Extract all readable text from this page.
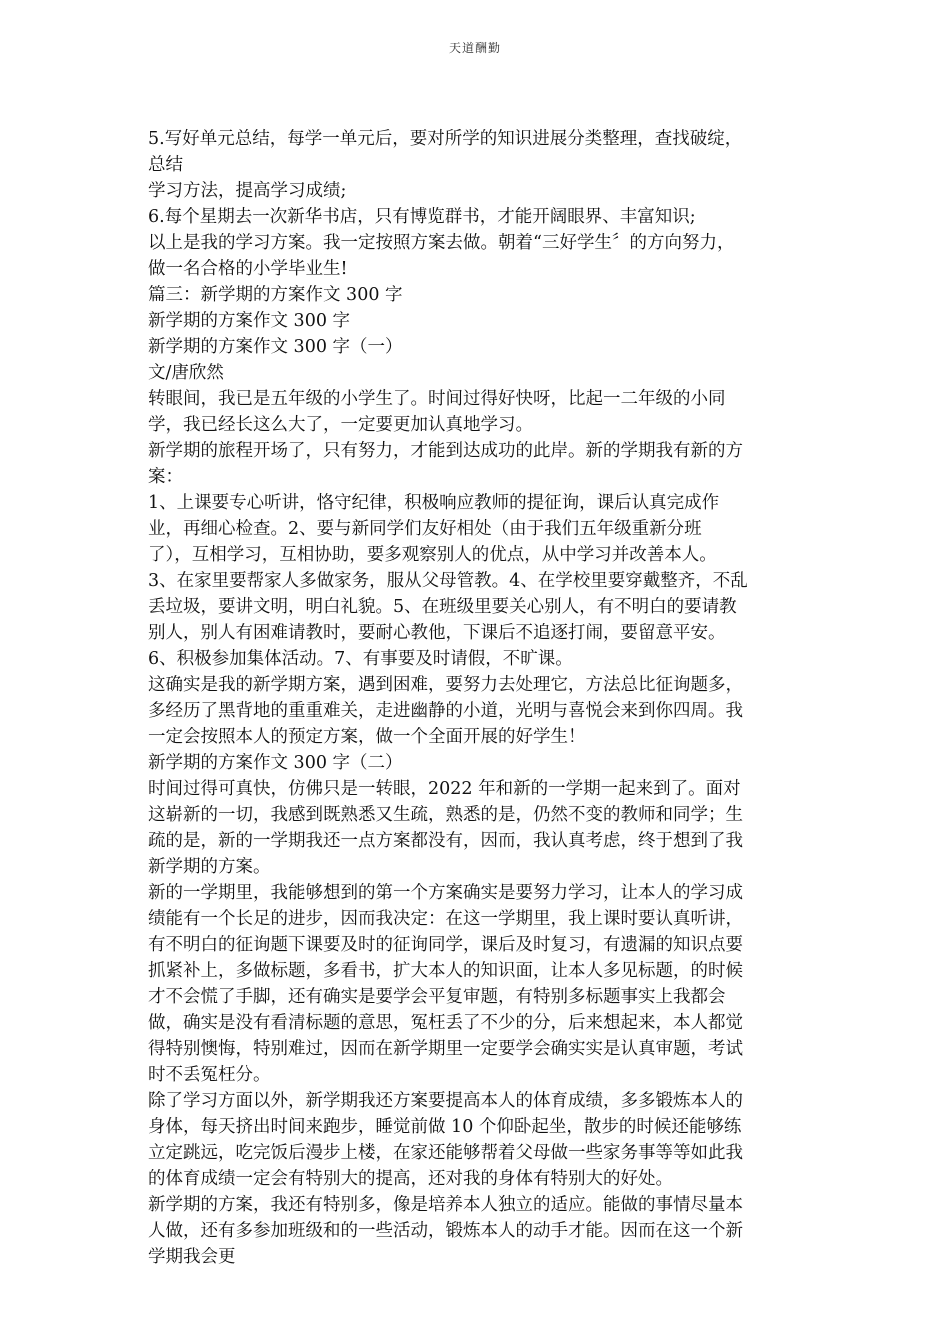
天道酬勤
5.写好单元总结，每学一单元后，要对所学的知识进展分类整理，查找破绽，
总结
学习方法，提高学习成绩;
6.每个星期去一次新华书店，只有博览群书，才能开阔眼界、丰富知识;
以上是我的学习方案。我一定按照方案去做。朝着“三好学生〞的方向努力，
做一名合格的小学毕业生!
篇三：新学期的方案作文 300 字
新学期的方案作文 300 字
新学期的方案作文 300 字（一）
文/唐欣然
转眼间，我已是五年级的小学生了。时间过得好快呀，比起一二年级的小同
学，我已经长这么大了，一定要更加认真地学习。
新学期的旅程开场了，只有努力，才能到达成功的此岸。新的学期我有新的方
案：
1、上课要专心听讲，恪守纪律，积极响应教师的提征询，课后认真完成作
业，再细心检查。2、要与新同学们友好相处（由于我们五年级重新分班
了），互相学习，互相协助，要多观察别人的优点，从中学习并改善本人。
3、在家里要帮家人多做家务，服从父母管教。4、在学校里要穿戴整齐，不乱
丢垃圾，要讲文明，明白礼貌。5、在班级里要关心别人，有不明白的要请教
别人，别人有困难请教时，要耐心教他，下课后不追逐打闹，要留意平安。
6、积极参加集体活动。7、有事要及时请假，不旷课。
这确实是我的新学期方案，遇到困难，要努力去处理它，方法总比征询题多，
多经历了黑背地的重重难关，走进幽静的小道，光明与喜悦会来到你四周。我
一定会按照本人的预定方案，做一个全面开展的好学生！
新学期的方案作文 300 字（二）
时间过得可真快，仿佛只是一转眼，2022 年和新的一学期一起来到了。面对
这崭新的一切，我感到既熟悉又生疏，熟悉的是，仍然不变的教师和同学；生
疏的是，新的一学期我还一点方案都没有，因而，我认真考虑，终于想到了我
新学期的方案。
新的一学期里，我能够想到的第一个方案确实是要努力学习，让本人的学习成
绩能有一个长足的进步，因而我决定：在这一学期里，我上课时要认真听讲，
有不明白的征询题下课要及时的征询同学，课后及时复习，有遗漏的知识点要
抓紧补上，多做标题，多看书，扩大本人的知识面，让本人多见标题，的时候
才不会慌了手脚，还有确实是要学会平复审题，有特别多标题事实上我都会
做，确实是没有看清标题的意思，冤枉丢了不少的分，后来想起来，本人都觉
得特别懊悔，特别难过，因而在新学期里一定要学会确实实是认真审题，考试
时不丢冤枉分。
除了学习方面以外，新学期我还方案要提高本人的体育成绩，多多锻炼本人的
身体，每天挤出时间来跑步，睡觉前做 10 个仰卧起坐，散步的时候还能够练
立定跳远，吃完饭后漫步上楼，在家还能够帮着父母做一些家务事等等如此我
的体育成绩一定会有特别大的提高，还对我的身体有特别大的好处。
新学期的方案，我还有特别多，像是培养本人独立的适应。能做的事情尽量本
人做，还有多参加班级和的一些活动，锻炼本人的动手才能。因而在这一个新
学期我会更
